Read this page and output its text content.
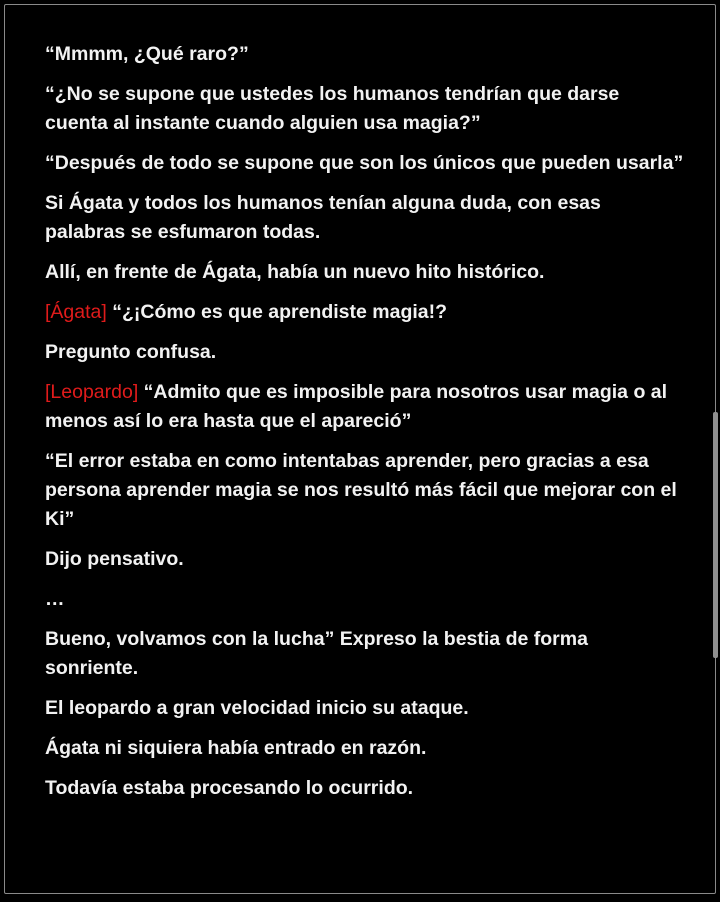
“Mmmm, ¿Qué raro?”

“¿No se supone que ustedes los humanos tendrían que darse cuenta al instante cuando alguien usa magia?”

“Después de todo se supone que son los únicos que pueden usarla”

Si Ágata y todos los humanos tenían alguna duda, con esas palabras se esfumaron todas.

Allí, en frente de Ágata, había un nuevo hito histórico.

[Ágata] “¿¡Cómo es que aprendiste magia!?

Pregunto confusa.

[Leopardo] “Admito que es imposible para nosotros usar magia o al menos así lo era hasta que el apareció”

“El error estaba en como intentabas aprender, pero gracias a esa persona aprender magia se nos resultó más fácil que mejorar con el Ki”

Dijo pensativo.

…

Bueno, volvamos con la lucha” Expreso la bestia de forma sonriente.

El leopardo a gran velocidad inicio su ataque.

Ágata ni siquiera había entrado en razón.

Todavía estaba procesando lo ocurrido.
